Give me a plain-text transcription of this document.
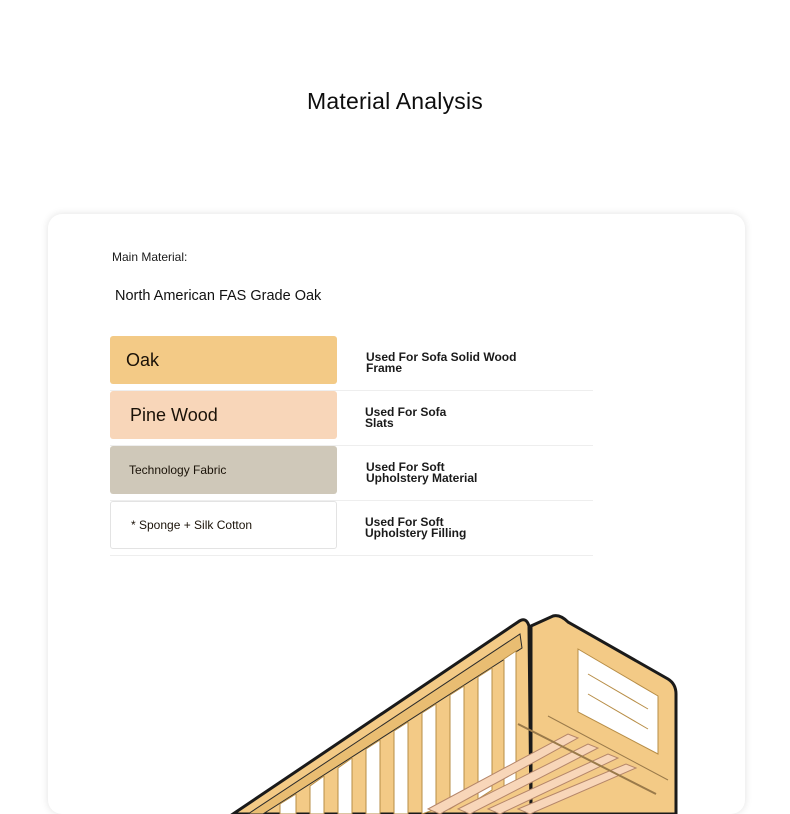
Material Analysis
Main Material:
North American FAS Grade Oak
Oak	Used For Sofa Solid Wood
Frame
Pine Wood	Used For Sofa
Slats
Technology Fabric	Used For Soft
Upholstery Material
* Sponge + Silk Cotton	Used For Soft
Upholstery Filling
